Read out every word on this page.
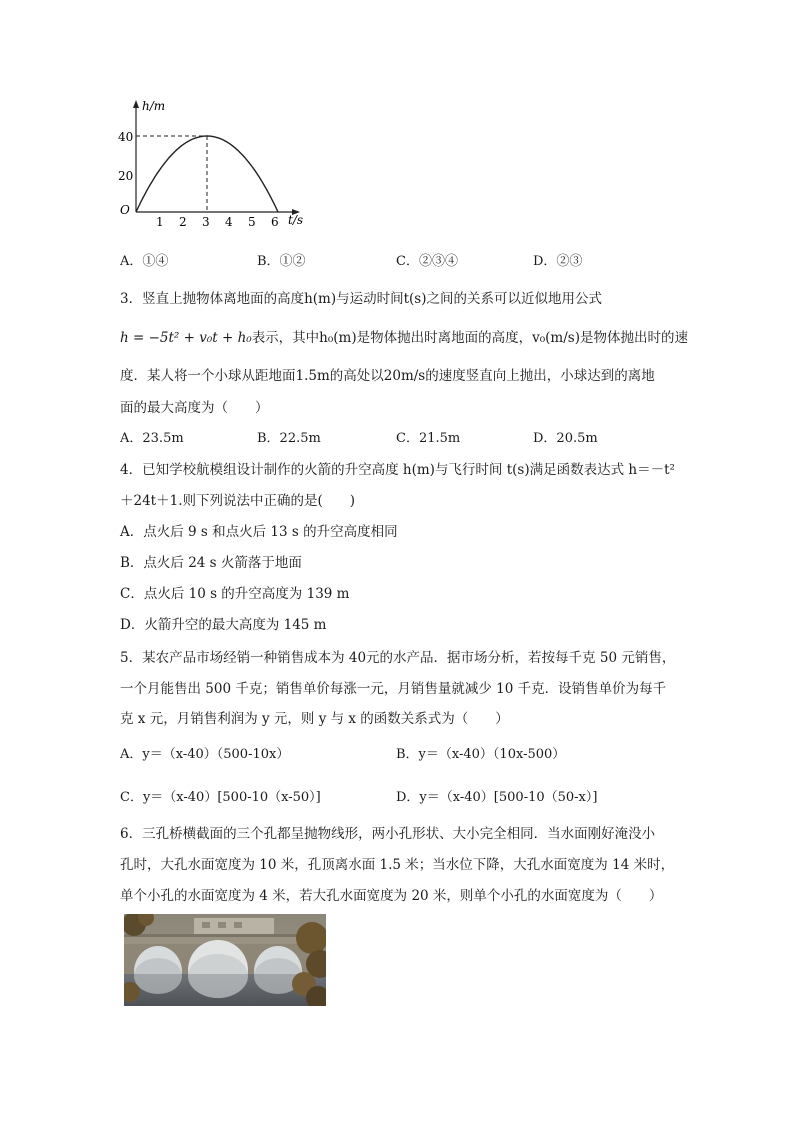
h/m
t/s
O
40
20
1 2 3 4 5 6
A．①④	B．①②	C．②③④	D．②③
3．竖直上抛物体离地面的高度h(m)与运动时间t(s)之间的关系可以近似地用公式
h = −5t² + v₀t + h₀表示，其中h₀(m)是物体抛出时离地面的高度，v₀(m/s)是物体抛出时的速
度．某人将一个小球从距地面1.5m的高处以20m/s的速度竖直向上抛出，小球达到的离地
面的最大高度为（　　）
A．23.5m	B．22.5m	C．21.5m	D．20.5m
4．已知学校航模组设计制作的火箭的升空高度 h(m)与飞行时间 t(s)满足函数表达式 h＝－t²
＋24t＋1.则下列说法中正确的是(　　)
A．点火后 9 s 和点火后 13 s 的升空高度相同
B．点火后 24 s 火箭落于地面
C．点火后 10 s 的升空高度为 139 m
D．火箭升空的最大高度为 145 m
5．某农产品市场经销一种销售成本为 40元的水产品．据市场分析，若按每千克 50 元销售，
一个月能售出 500 千克；销售单价每涨一元，月销售量就减少 10 千克．设销售单价为每千
克 x 元，月销售利润为 y 元，则 y 与 x 的函数关系式为（　　）
A．y＝（x-40）（500-10x）	B．y＝（x-40）（10x-500）
C．y＝（x-40）[500-10（x-50）]	D．y＝（x-40）[500-10（50-x）]
6．三孔桥横截面的三个孔都呈抛物线形，两小孔形状、大小完全相同．当水面刚好淹没小
孔时，大孔水面宽度为 10 米，孔顶离水面 1.5 米；当水位下降，大孔水面宽度为 14 米时，
单个小孔的水面宽度为 4 米，若大孔水面宽度为 20 米，则单个小孔的水面宽度为（　　）
